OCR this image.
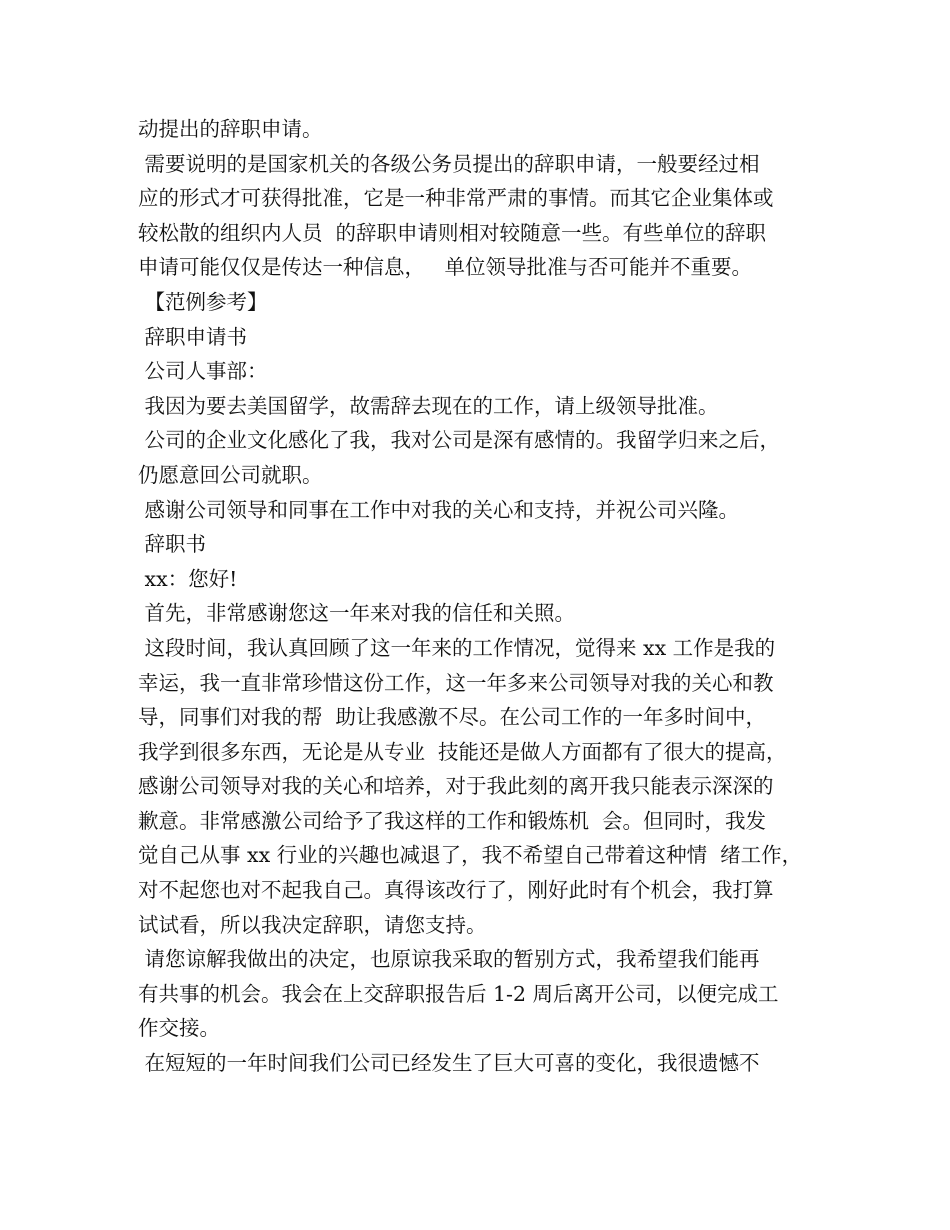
动提出的辞职申请。
需要说明的是国家机关的各级公务员提出的辞职申请，一般要经过相
应的形式才可获得批准，它是一种非常严肃的事情。而其它企业集体或
较松散的组织内人员  的辞职申请则相对较随意一些。有些单位的辞职
申请可能仅仅是传达一种信息，   单位领导批准与否可能并不重要。
【范例参考】
辞职申请书
公司人事部：
我因为要去美国留学，故需辞去现在的工作，请上级领导批准。
公司的企业文化感化了我，我对公司是深有感情的。我留学归来之后，
仍愿意回公司就职。
感谢公司领导和同事在工作中对我的关心和支持，并祝公司兴隆。
辞职书
xx：您好!
首先，非常感谢您这一年来对我的信任和关照。
这段时间，我认真回顾了这一年来的工作情况，觉得来 xx 工作是我的
幸运，我一直非常珍惜这份工作，这一年多来公司领导对我的关心和教
导，同事们对我的帮  助让我感激不尽。在公司工作的一年多时间中，
我学到很多东西，无论是从专业  技能还是做人方面都有了很大的提高，
感谢公司领导对我的关心和培养，对于我此刻的离开我只能表示深深的
歉意。非常感激公司给予了我这样的工作和锻炼机  会。但同时，我发
觉自己从事 xx 行业的兴趣也减退了，我不希望自己带着这种情  绪工作，
对不起您也对不起我自己。真得该改行了，刚好此时有个机会，我打算
试试看，所以我决定辞职，请您支持。
请您谅解我做出的决定，也原谅我采取的暂别方式，我希望我们能再
有共事的机会。我会在上交辞职报告后 1-2 周后离开公司，以便完成工
作交接。
在短短的一年时间我们公司已经发生了巨大可喜的变化，我很遗憾不
